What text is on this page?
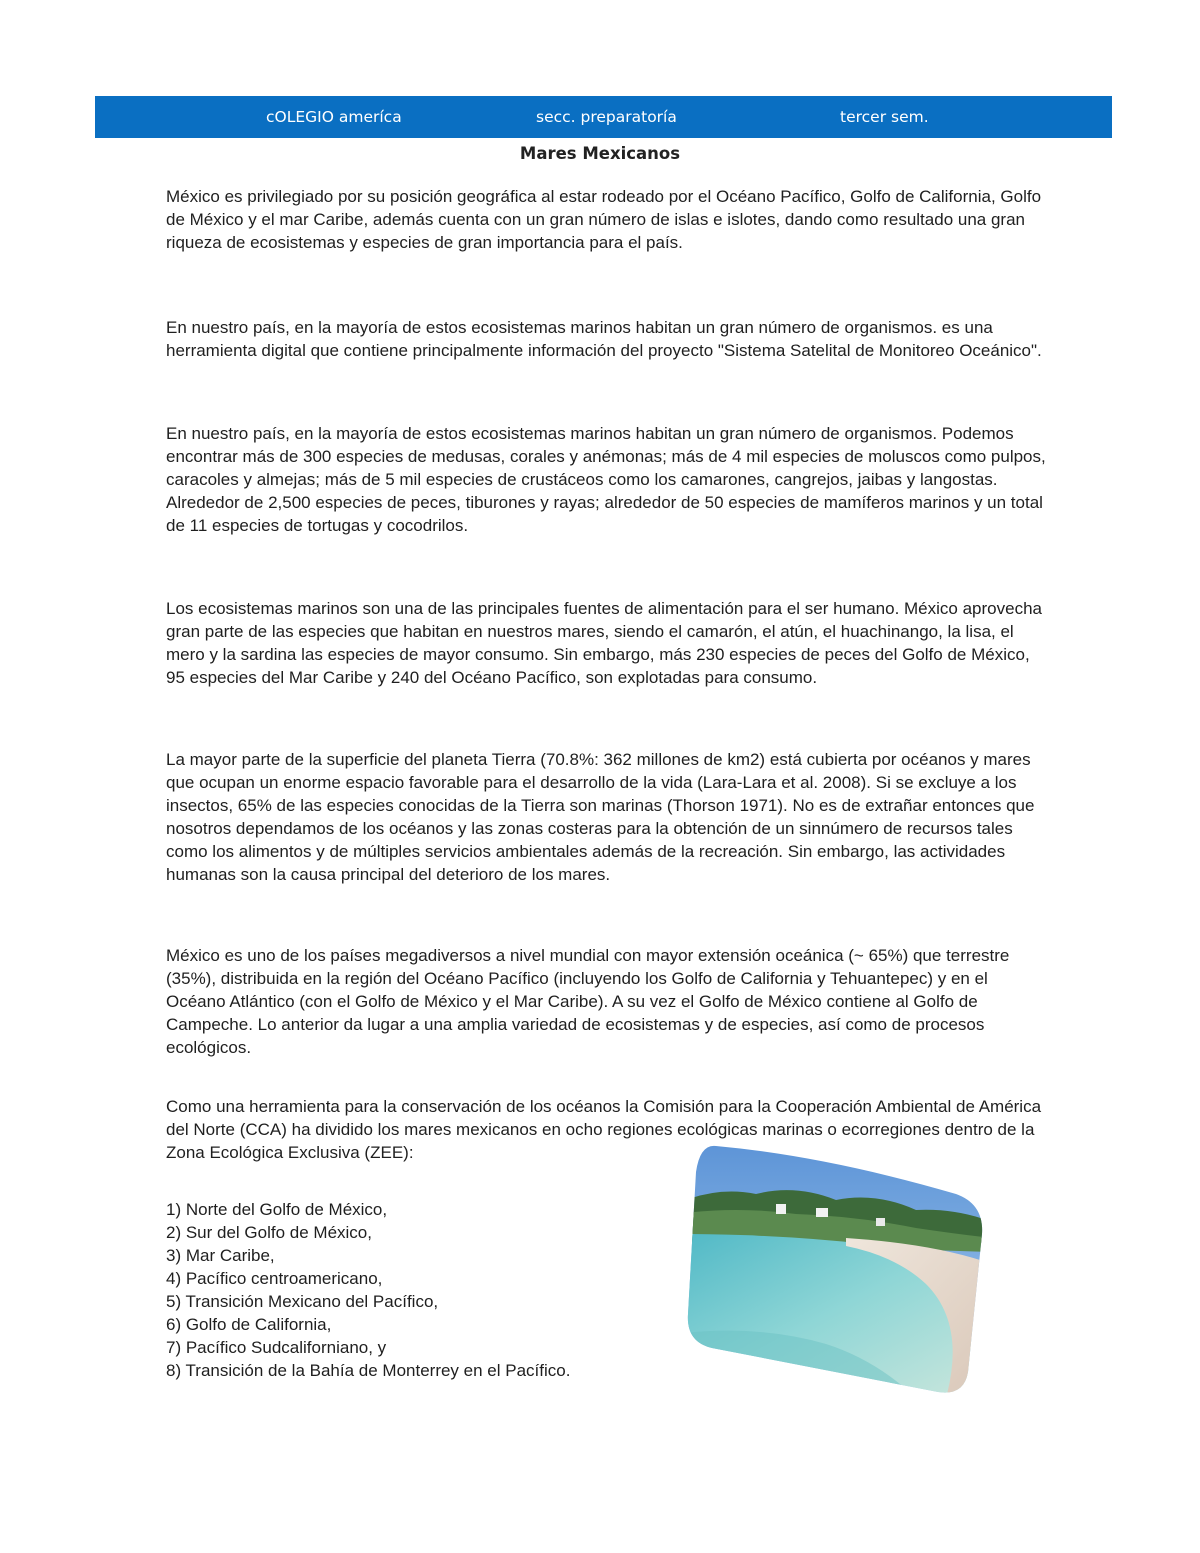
cOLEGIO ameríca	secc. preparatoría	tercer sem.
Mares Mexicanos

México es privilegiado por su posición geográfica al estar rodeado por el Océano Pacífico, Golfo de California, Golfo de México y el mar Caribe, además cuenta con un gran número de islas e islotes, dando como resultado una gran riqueza de ecosistemas y especies de gran importancia para el país.

En nuestro país, en la mayoría de estos ecosistemas marinos habitan un gran número de organismos. es una herramienta digital que contiene principalmente información del proyecto "Sistema Satelital de Monitoreo Oceánico".

En nuestro país, en la mayoría de estos ecosistemas marinos habitan un gran número de organismos. Podemos encontrar más de 300 especies de medusas, corales y anémonas; más de 4 mil especies de moluscos como pulpos, caracoles y almejas; más de 5 mil especies de crustáceos como los camarones, cangrejos, jaibas y langostas. Alrededor de 2,500 especies de peces, tiburones y rayas; alrededor de 50 especies de mamíferos marinos y un total de 11 especies de tortugas y cocodrilos.

Los ecosistemas marinos son una de las principales fuentes de alimentación para el ser humano. México aprovecha gran parte de las especies que habitan en nuestros mares, siendo el camarón, el atún, el huachinango, la lisa, el mero y la sardina las especies de mayor consumo. Sin embargo, más 230 especies de peces del Golfo de México, 95 especies del Mar Caribe y 240 del Océano Pacífico, son explotadas para consumo.

La mayor parte de la superficie del planeta Tierra (70.8%: 362 millones de km2) está cubierta por océanos y mares que ocupan un enorme espacio favorable para el desarrollo de la vida (Lara-Lara et al. 2008). Si se excluye a los insectos, 65% de las especies conocidas de la Tierra son marinas (Thorson 1971). No es de extrañar entonces que nosotros dependamos de los océanos y las zonas costeras para la obtención de un sinnúmero de recursos tales como los alimentos y de múltiples servicios ambientales además de la recreación. Sin embargo, las actividades humanas son la causa principal del deterioro de los mares.

México es uno de los países megadiversos a nivel mundial con mayor extensión oceánica (~ 65%) que terrestre (35%), distribuida en la región del Océano Pacífico (incluyendo los Golfo de California y Tehuantepec) y en el Océano Atlántico (con el Golfo de México y el Mar Caribe). A su vez el Golfo de México contiene al Golfo de Campeche. Lo anterior da lugar a una amplia variedad de ecosistemas y de especies, así como de procesos ecológicos.

Como una herramienta para la conservación de los océanos la Comisión para la Cooperación Ambiental de América del Norte (CCA) ha dividido los mares mexicanos en ocho regiones ecológicas marinas o ecorregiones dentro de la Zona Ecológica Exclusiva (ZEE):

1) Norte del Golfo de México,
2) Sur del Golfo de México,
3) Mar Caribe,
4) Pacífico centroamericano,
5) Transición Mexicano del Pacífico,
6) Golfo de California,
7) Pacífico Sudcaliforniano, y
8) Transición de la Bahía de Monterrey en el Pacífico.
